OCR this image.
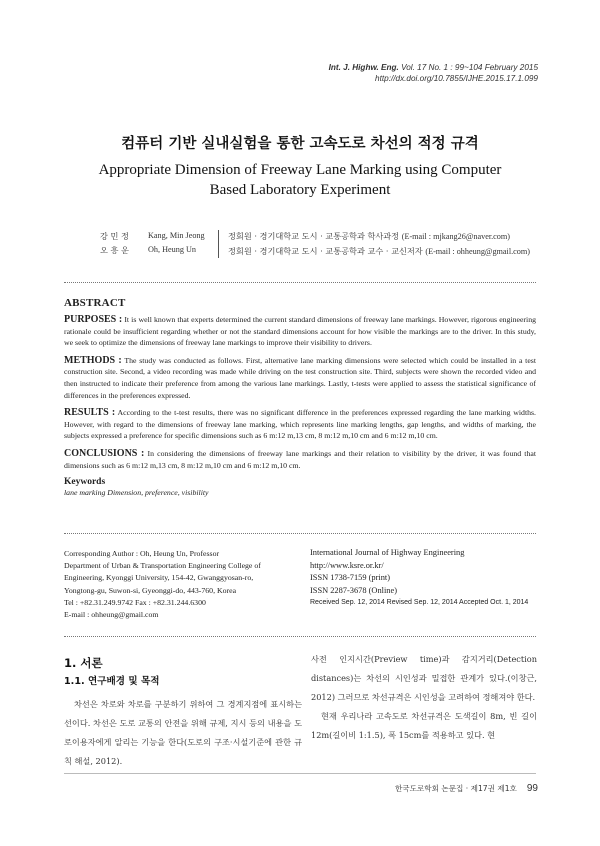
Int. J. Highw. Eng. Vol. 17 No. 1 : 99~104 February 2015
http://dx.doi.org/10.7855/IJHE.2015.17.1.099
컴퓨터 기반 실내실험을 통한 고속도로 차선의 적정 규격
Appropriate Dimension of Freeway Lane Marking using Computer Based Laboratory Experiment
강 민 정	Kang, Min Jeong
오 흥 운	Oh, Heung Un
정회원 · 경기대학교 도시 · 교통공학과 학사과정 (E-mail : mjkang26@naver.com)
정회원 · 경기대학교 도시 · 교통공학과 교수 · 교신저자 (E-mail : ohheung@gmail.com)
ABSTRACT

PURPOSES : It is well known that experts determined the current standard dimensions of freeway lane markings. However, rigorous engineering rationale could be insufficient regarding whether or not the standard dimensions account for how visible the markings are to the driver. In this study, we seek to optimize the dimensions of freeway lane markings to improve their visibility to drivers.

METHODS : The study was conducted as follows. First, alternative lane marking dimensions were selected which could be installed in a test construction site. Second, a video recording was made while driving on the test construction site. Third, subjects were shown the recorded video and then instructed to indicate their preference from among the various lane markings. Lastly, t-tests were applied to assess the statistical significance of differences in the preferences expressed.

RESULTS : According to the t-test results, there was no significant difference in the preferences expressed regarding the lane marking widths. However, with regard to the dimensions of freeway lane marking, which represents line marking lengths, gap lengths, and widths of marking, the subjects expressed a preference for specific dimensions such as 6 m:12 m,13 cm, 8 m:12 m,10 cm and 6 m:12 m,10 cm.

CONCLUSIONS : In considering the dimensions of freeway lane markings and their relation to visibility by the driver, it was found that dimensions such as 6 m:12 m,13 cm, 8 m:12 m,10 cm and 6 m:12 m,10 cm.

Keywords
lane marking Dimension, preference, visibility
Corresponding Author : Oh, Heung Un, Professor
Department of Urban & Transportation Engineering College of
Engineering, Kyonggi University, 154-42, Gwanggyosan-ro,
Yongtong-gu, Suwon-si, Gyeonggi-do, 443-760, Korea
Tel : +82.31.249.9742 Fax : +82.31.244.6300
E-mail : ohheung@gmail.com
International Journal of Highway Engineering
http://www.ksre.or.kr/
ISSN 1738-7159 (print)
ISSN 2287-3678 (Online)
Received Sep. 12, 2014 Revised Sep. 12, 2014 Accepted Oct. 1, 2014
1. 서론
1.1. 연구배경 및 목적

차선은 차로와 차로를 구분하기 위하여 그 경계지점에 표시하는 선이다. 차선은 도로 교통의 안전을 위해 규제, 지시 등의 내용을 도로이용자에게 알리는 기능을 한다(도로의 구조·시설기준에 관한 규칙 해설, 2012).

사전 인지시간(Preview time)과 감지거리(Detection distances)는 차선의 시인성과 밀접한 관계가 있다.(이창근, 2012) 그러므로 차선규격은 시인성을 고려하여 정해져야 한다.

현재 우리나라 고속도로 차선규격은 도색길이 8m, 빈 길이 12m(길이비 1:1.5), 폭 15cm를 적용하고 있다. 현

한국도로학회 논문집 · 제17권 제1호 99
